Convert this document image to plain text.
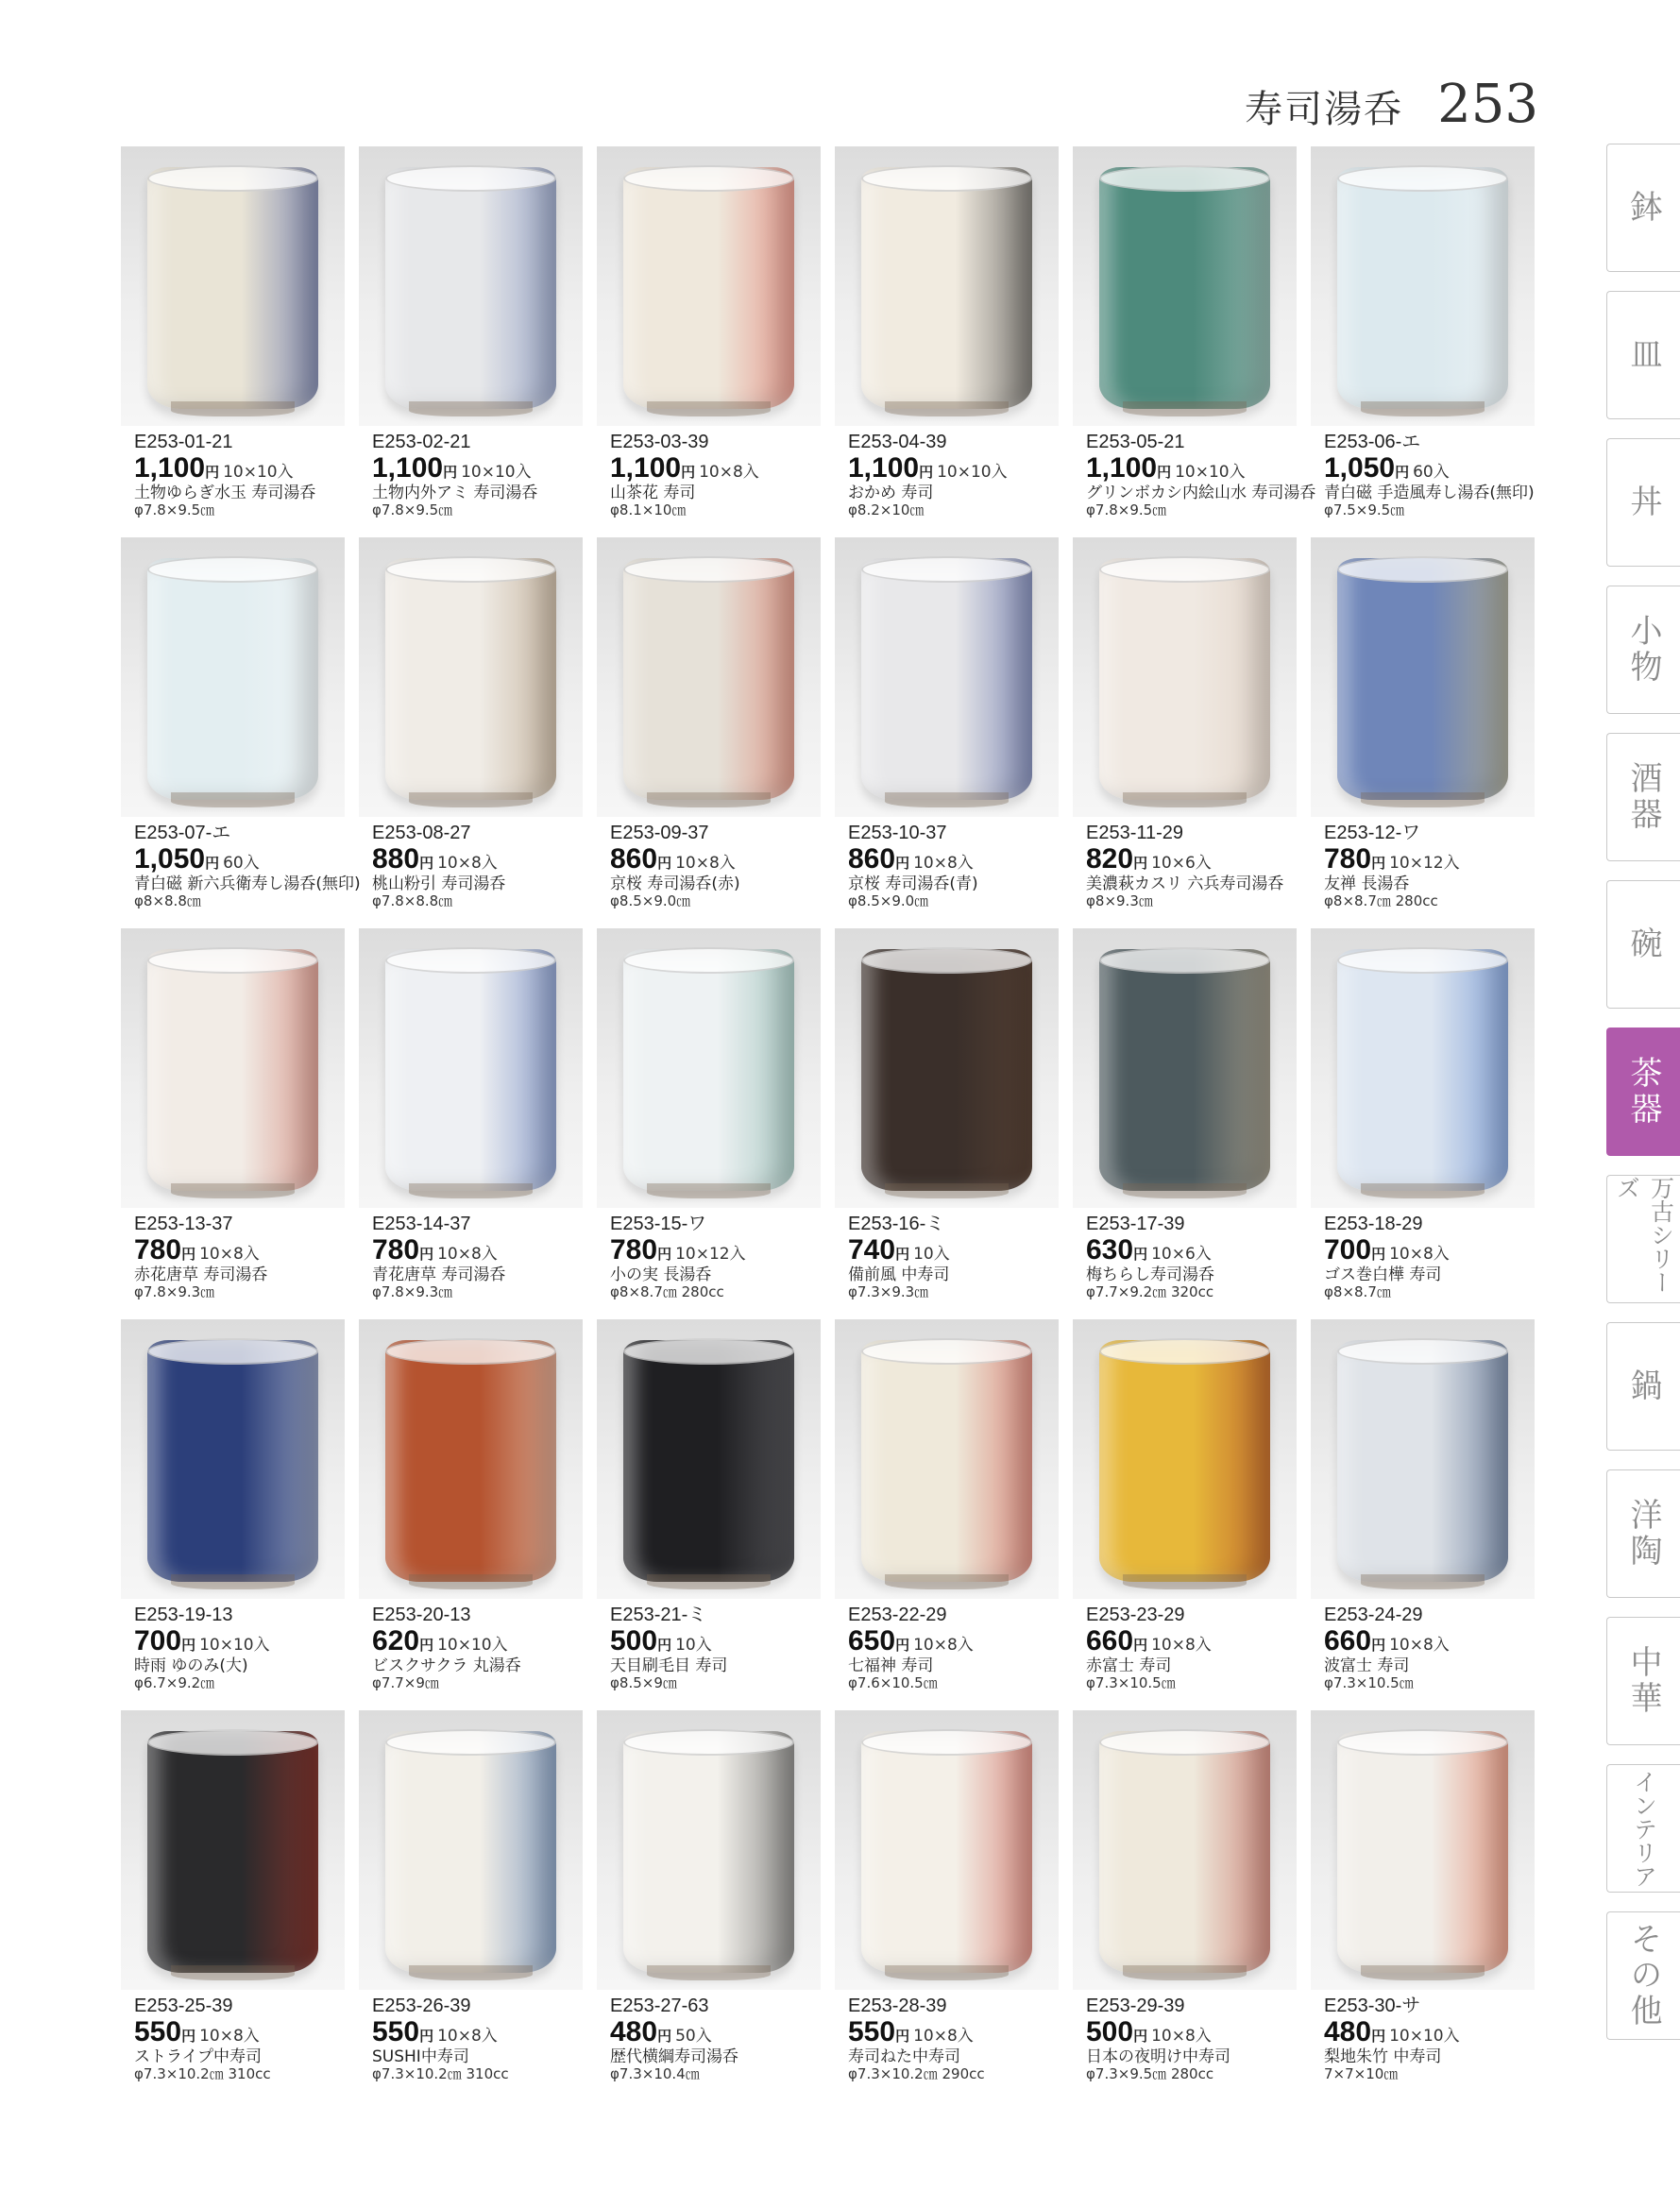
寿司湯呑 253
鉢
皿
丼
小物
酒器
碗
茶器
万古シリーズ
鍋
洋陶
中華
インテリア
その他
E253-01-21
1,100円 10×10入
土物ゆらぎ水玉 寿司湯呑
φ7.8×9.5㎝
E253-02-21
1,100円 10×10入
土物内外アミ 寿司湯呑
φ7.8×9.5㎝
E253-03-39
1,100円 10×8入
山茶花 寿司
φ8.1×10㎝
E253-04-39
1,100円 10×10入
おかめ 寿司
φ8.2×10㎝
E253-05-21
1,100円 10×10入
グリンボカシ内絵山水 寿司湯呑
φ7.8×9.5㎝
E253-06-エ
1,050円 60入
青白磁 手造風寿し湯呑(無印)
φ7.5×9.5㎝
E253-07-エ
1,050円 60入
青白磁 新六兵衛寿し湯呑(無印)
φ8×8.8㎝
E253-08-27
880円 10×8入
桃山粉引 寿司湯呑
φ7.8×8.8㎝
E253-09-37
860円 10×8入
京桜 寿司湯呑(赤)
φ8.5×9.0㎝
E253-10-37
860円 10×8入
京桜 寿司湯呑(青)
φ8.5×9.0㎝
E253-11-29
820円 10×6入
美濃萩カスリ 六兵寿司湯呑
φ8×9.3㎝
E253-12-ワ
780円 10×12入
友禅 長湯呑
φ8×8.7㎝ 280cc
E253-13-37
780円 10×8入
赤花唐草 寿司湯呑
φ7.8×9.3㎝
E253-14-37
780円 10×8入
青花唐草 寿司湯呑
φ7.8×9.3㎝
E253-15-ワ
780円 10×12入
小の実 長湯呑
φ8×8.7㎝ 280cc
E253-16-ミ
740円 10入
備前風 中寿司
φ7.3×9.3㎝
E253-17-39
630円 10×6入
梅ちらし寿司湯呑
φ7.7×9.2㎝ 320cc
E253-18-29
700円 10×8入
ゴス巻白樺 寿司
φ8×8.7㎝
E253-19-13
700円 10×10入
時雨 ゆのみ(大)
φ6.7×9.2㎝
E253-20-13
620円 10×10入
ビスクサクラ 丸湯呑
φ7.7×9㎝
E253-21-ミ
500円 10入
天目刷毛目 寿司
φ8.5×9㎝
E253-22-29
650円 10×8入
七福神 寿司
φ7.6×10.5㎝
E253-23-29
660円 10×8入
赤富士 寿司
φ7.3×10.5㎝
E253-24-29
660円 10×8入
波富士 寿司
φ7.3×10.5㎝
E253-25-39
550円 10×8入
ストライプ中寿司
φ7.3×10.2㎝ 310cc
E253-26-39
550円 10×8入
SUSHI中寿司
φ7.3×10.2㎝ 310cc
E253-27-63
480円 50入
歴代横綱寿司湯呑
φ7.3×10.4㎝
E253-28-39
550円 10×8入
寿司ねた中寿司
φ7.3×10.2㎝ 290cc
E253-29-39
500円 10×8入
日本の夜明け中寿司
φ7.3×9.5㎝ 280cc
E253-30-サ
480円 10×10入
梨地朱竹 中寿司
7×7×10㎝
